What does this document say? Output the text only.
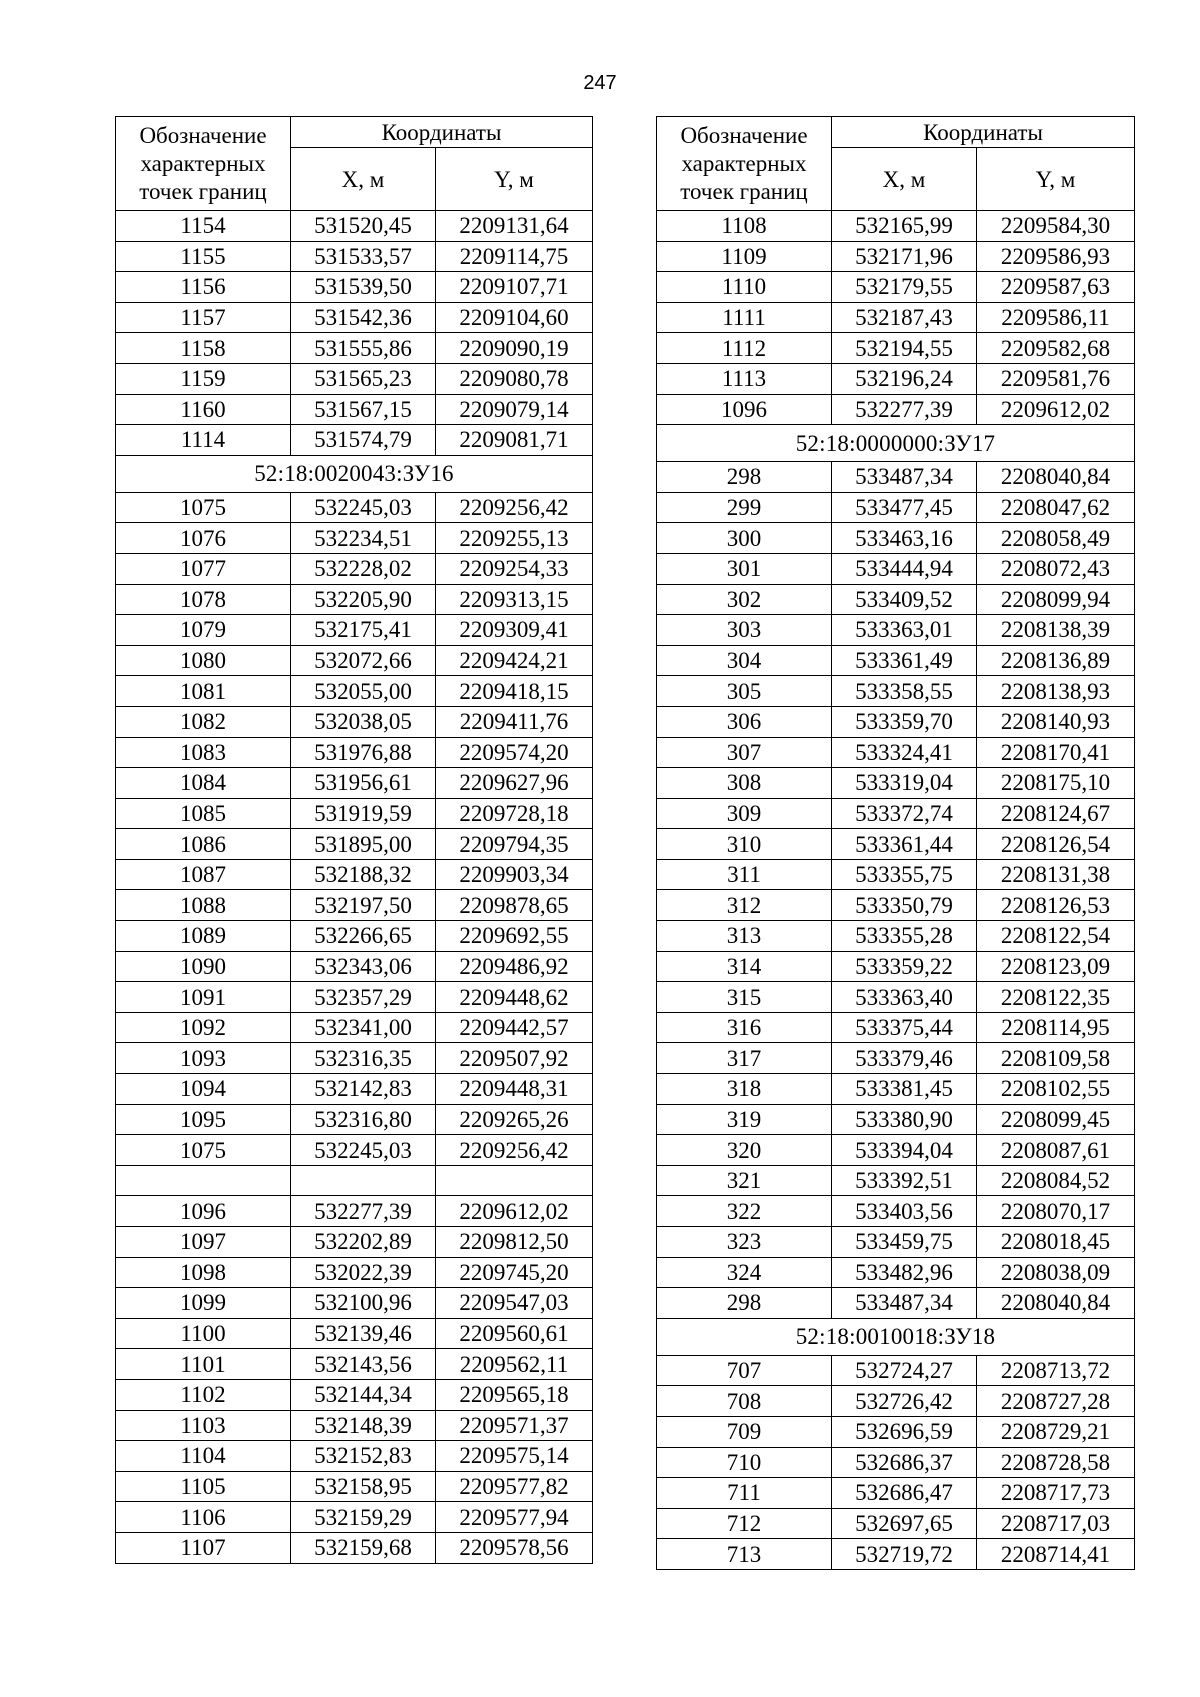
247
Обозначение характерных точек границ	Координаты	
	X, м	Y, м
1154	531520,45	2209131,64
1155	531533,57	2209114,75
1156	531539,50	2209107,71
1157	531542,36	2209104,60
1158	531555,86	2209090,19
1159	531565,23	2209080,78
1160	531567,15	2209079,14
1114	531574,79	2209081,71
52:18:0020043:ЗУ16		
1075	532245,03	2209256,42
1076	532234,51	2209255,13
1077	532228,02	2209254,33
1078	532205,90	2209313,15
1079	532175,41	2209309,41
1080	532072,66	2209424,21
1081	532055,00	2209418,15
1082	532038,05	2209411,76
1083	531976,88	2209574,20
1084	531956,61	2209627,96
1085	531919,59	2209728,18
1086	531895,00	2209794,35
1087	532188,32	2209903,34
1088	532197,50	2209878,65
1089	532266,65	2209692,55
1090	532343,06	2209486,92
1091	532357,29	2209448,62
1092	532341,00	2209442,57
1093	532316,35	2209507,92
1094	532142,83	2209448,31
1095	532316,80	2209265,26
1075	532245,03	2209256,42

1096	532277,39	2209612,02
1097	532202,89	2209812,50
1098	532022,39	2209745,20
1099	532100,96	2209547,03
1100	532139,46	2209560,61
1101	532143,56	2209562,11
1102	532144,34	2209565,18
1103	532148,39	2209571,37
1104	532152,83	2209575,14
1105	532158,95	2209577,82
1106	532159,29	2209577,94
1107	532159,68	2209578,56
Обозначение характерных точек границ	Координаты	
	X, м	Y, м
1108	532165,99	2209584,30
1109	532171,96	2209586,93
1110	532179,55	2209587,63
1111	532187,43	2209586,11
1112	532194,55	2209582,68
1113	532196,24	2209581,76
1096	532277,39	2209612,02
52:18:0000000:ЗУ17		
298	533487,34	2208040,84
299	533477,45	2208047,62
300	533463,16	2208058,49
301	533444,94	2208072,43
302	533409,52	2208099,94
303	533363,01	2208138,39
304	533361,49	2208136,89
305	533358,55	2208138,93
306	533359,70	2208140,93
307	533324,41	2208170,41
308	533319,04	2208175,10
309	533372,74	2208124,67
310	533361,44	2208126,54
311	533355,75	2208131,38
312	533350,79	2208126,53
313	533355,28	2208122,54
314	533359,22	2208123,09
315	533363,40	2208122,35
316	533375,44	2208114,95
317	533379,46	2208109,58
318	533381,45	2208102,55
319	533380,90	2208099,45
320	533394,04	2208087,61
321	533392,51	2208084,52
322	533403,56	2208070,17
323	533459,75	2208018,45
324	533482,96	2208038,09
298	533487,34	2208040,84
52:18:0010018:ЗУ18		
707	532724,27	2208713,72
708	532726,42	2208727,28
709	532696,59	2208729,21
710	532686,37	2208728,58
711	532686,47	2208717,73
712	532697,65	2208717,03
713	532719,72	2208714,41
